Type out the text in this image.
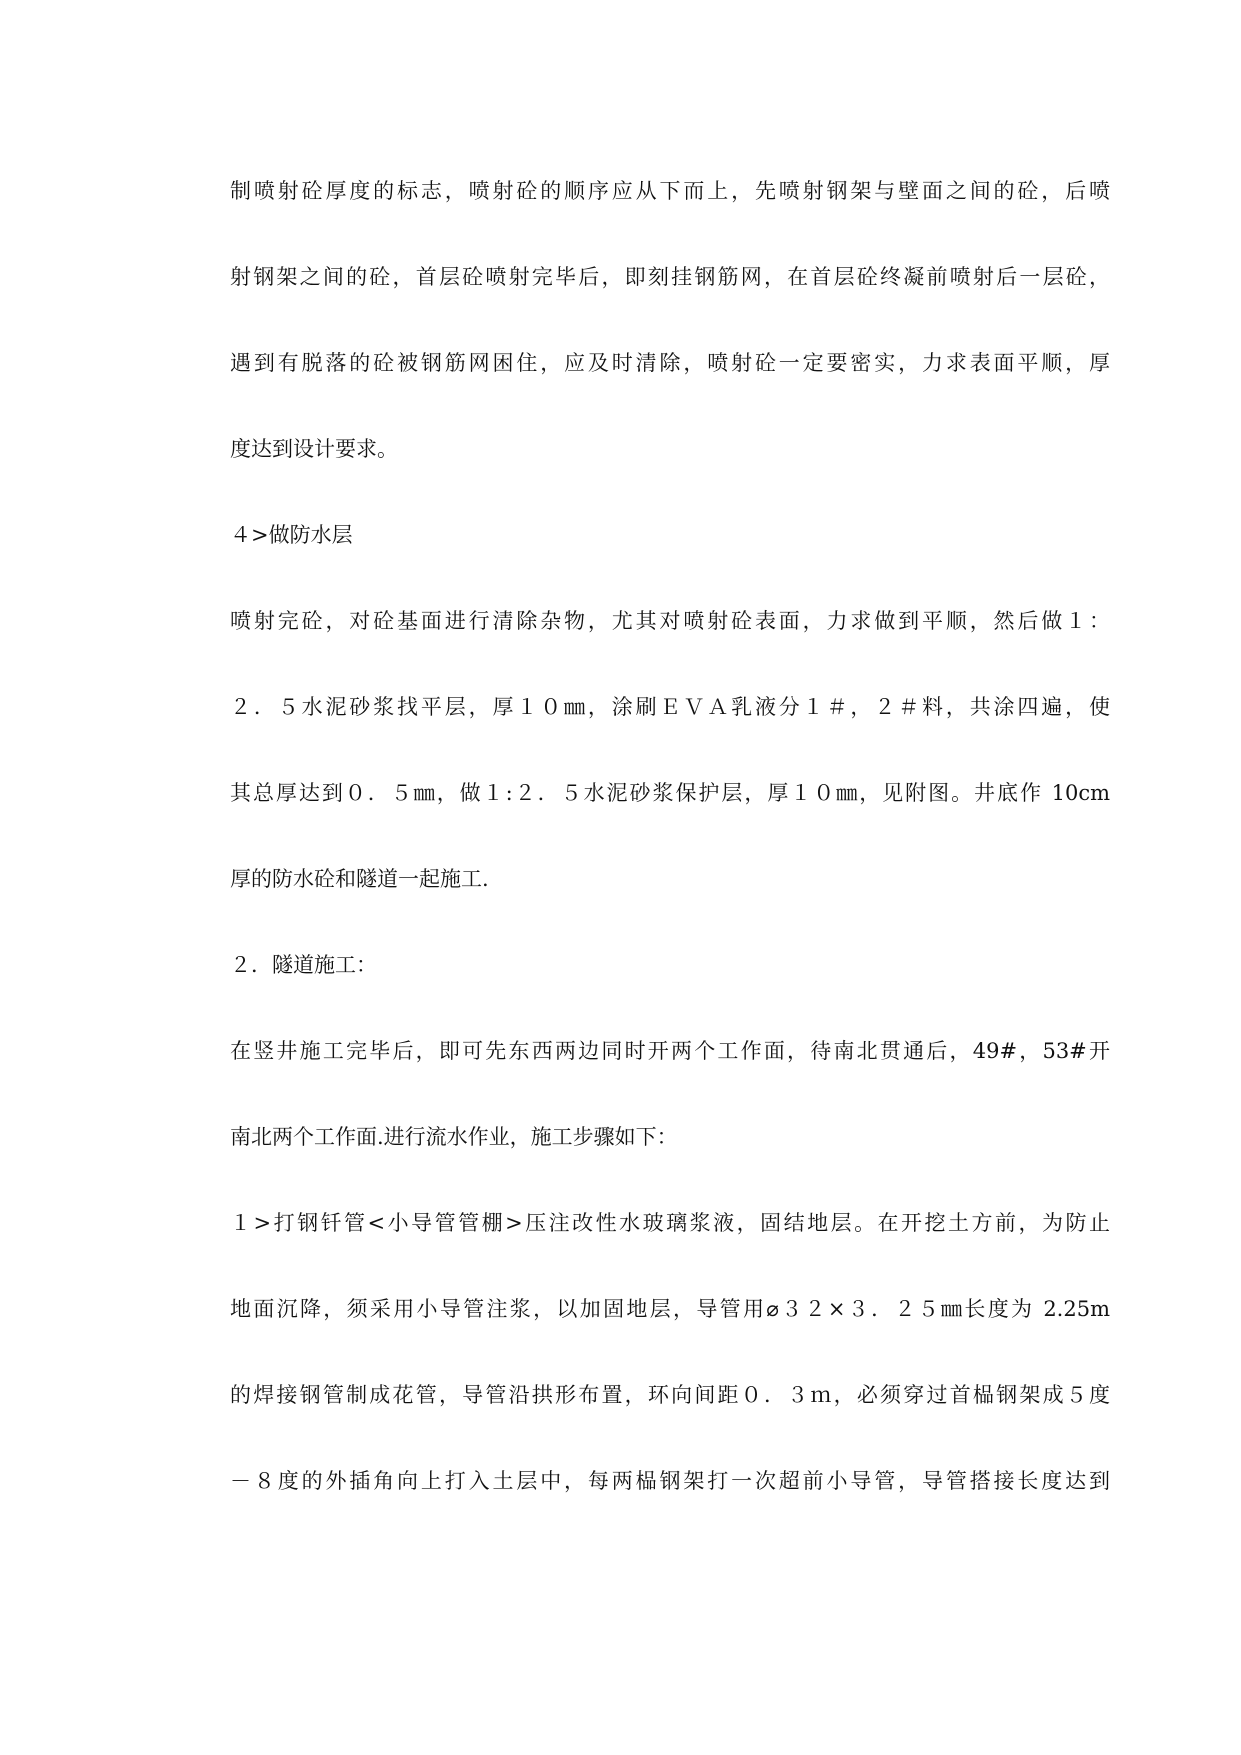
制喷射砼厚度的标志，喷射砼的顺序应从下而上，先喷射钢架与壁面之间的砼，后喷
射钢架之间的砼，首层砼喷射完毕后，即刻挂钢筋网，在首层砼终凝前喷射后一层砼，
遇到有脱落的砼被钢筋网困住，应及时清除，喷射砼一定要密实，力求表面平顺，厚
度达到设计要求。
４>做防水层
喷射完砼，对砼基面进行清除杂物，尤其对喷射砼表面，力求做到平顺，然后做１：
２．５水泥砂浆找平层，厚１０㎜，涂刷ＥＶＡ乳液分１＃，２＃料，共涂四遍，使
其总厚达到０．５㎜，做１:２．５水泥砂浆保护层，厚１０㎜，见附图。井底作 10cm
厚的防水砼和隧道一起施工.
２．隧道施工：
在竖井施工完毕后，即可先东西两边同时开两个工作面，待南北贯通后，49#，53#开
南北两个工作面.进行流水作业，施工步骤如下：
１>打钢钎管<小导管管棚>压注改性水玻璃浆液，固结地层。在开挖土方前，为防止
地面沉降，须采用小导管注浆，以加固地层，导管用⌀３２×３．２５㎜长度为 2.25m
的焊接钢管制成花管，导管沿拱形布置，环向间距０．３ｍ，必须穿过首榀钢架成５度
－８度的外插角向上打入土层中，每两榀钢架打一次超前小导管，导管搭接长度达到
